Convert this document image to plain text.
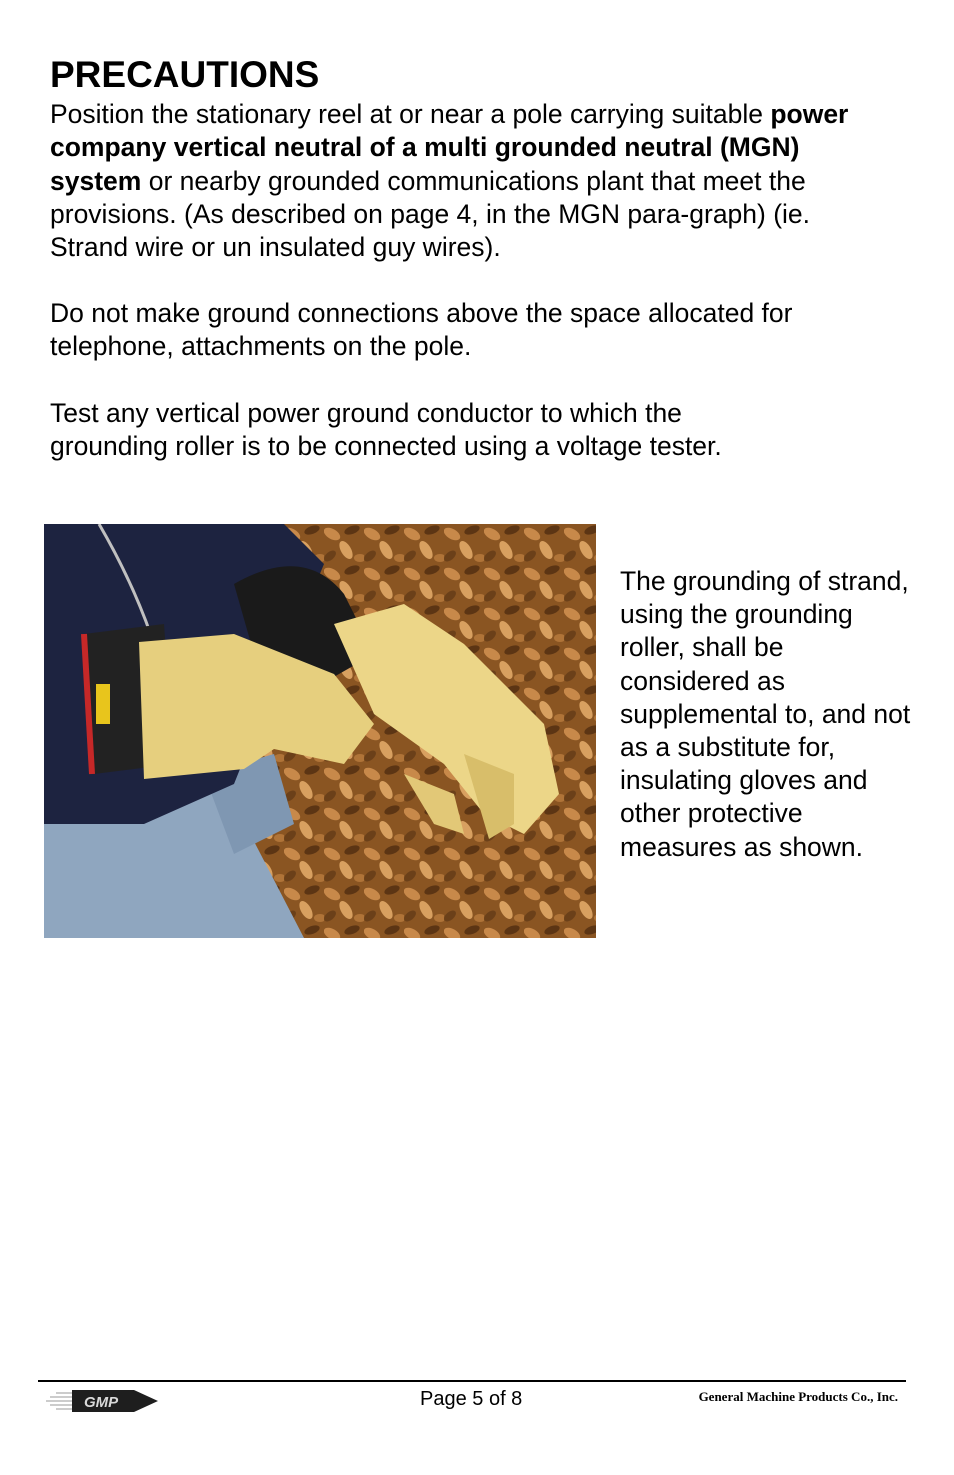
PRECAUTIONS

Position the stationary reel at or near a pole carrying suitable power company vertical neutral of a multi grounded neutral (MGN) system or nearby grounded communications plant that meet the provisions. (As described on page 4, in the MGN para-graph) (ie. Strand wire or un insulated guy wires).

Do not make ground connections above the space allocated for telephone, attachments on the pole.

Test any vertical power ground conductor to which the grounding roller is to be connected using a voltage tester.

The grounding of strand, using the grounding roller, shall be considered as supplemental to, and not as a substitute for, insulating gloves and other protective measures as shown.

GMP	Page 5 of 8	General Machine Products Co., Inc.
